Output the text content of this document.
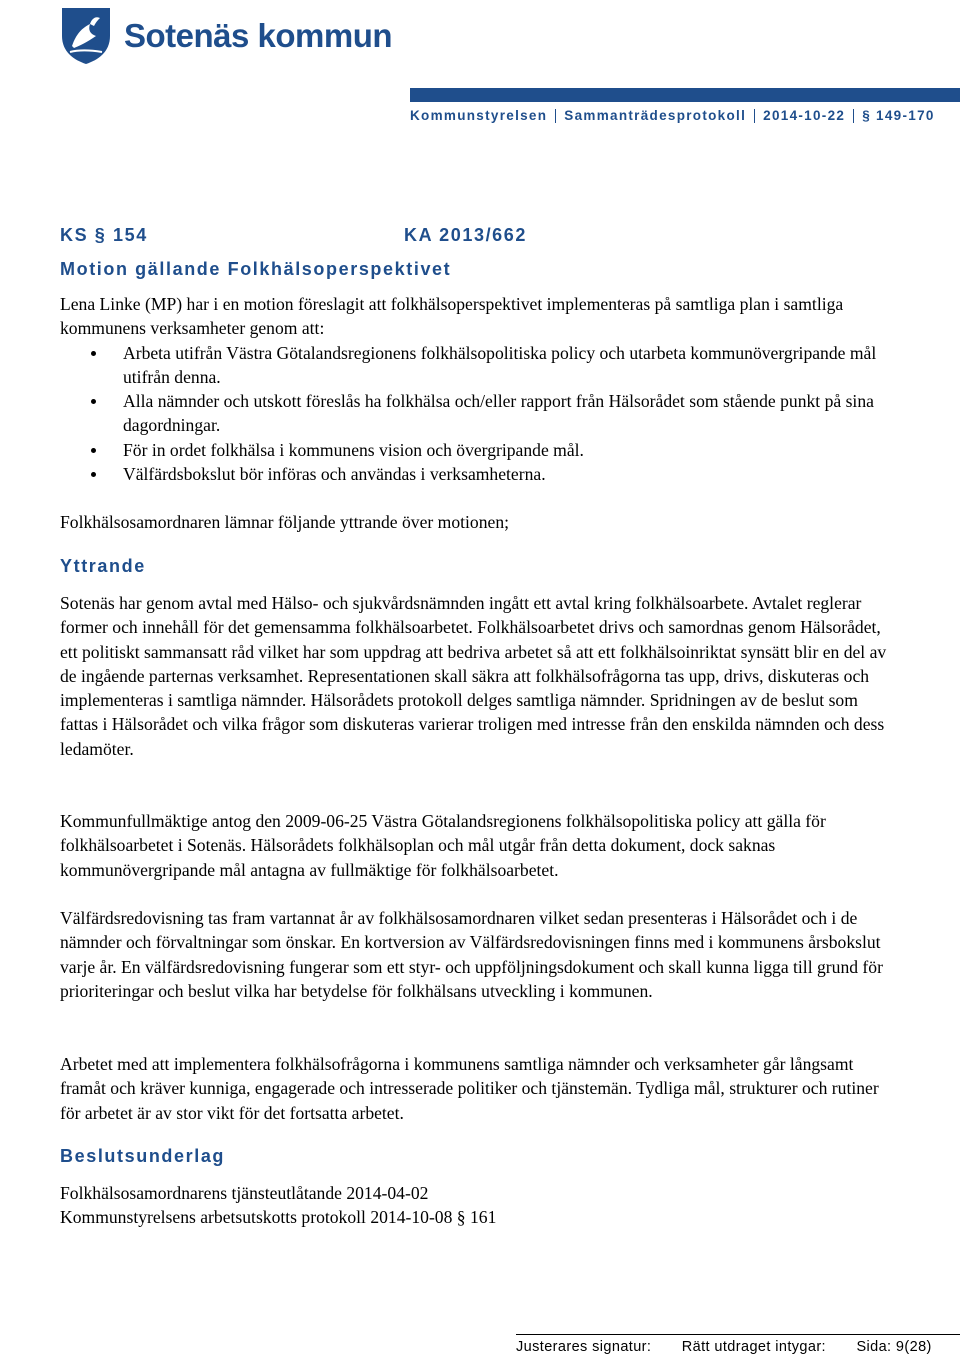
Sotenäs kommun
Kommunstyrelsen Sammanträdesprotokoll 2014-10-22 § 149-170
KS § 154	KA 2013/662
Motion gällande Folkhälsoperspektivet

Lena Linke (MP) har i en motion föreslagit att folkhälsoperspektivet implementeras på samtliga plan i samtliga kommunens verksamheter genom att:

Arbeta utifrån Västra Götalandsregionens folkhälsopolitiska policy och utarbeta kommunövergripande mål utifrån denna.
Alla nämnder och utskott föreslås ha folkhälsa och/eller rapport från Hälsorådet som stående punkt på sina dagordningar.
För in ordet folkhälsa i kommunens vision och övergripande mål.
Välfärdsbokslut bör införas och användas i verksamheterna.
Folkhälsosamordnaren lämnar följande yttrande över motionen;
Yttrande
Sotenäs har genom avtal med Hälso- och sjukvårdsnämnden ingått ett avtal kring folkhälsoarbete. Avtalet reglerar former och innehåll för det gemensamma folkhälsoarbetet. Folkhälsoarbetet drivs och samordnas genom Hälsorådet, ett politiskt sammansatt råd vilket har som uppdrag att bedriva arbetet så att ett folkhälsoinriktat synsätt blir en del av de ingående parternas verksamhet. Representationen skall säkra att folkhälsofrågorna tas upp, drivs, diskuteras och implementeras i samtliga nämnder. Hälsorådets protokoll delges samtliga nämnder. Spridningen av de beslut som fattas i Hälsorådet och vilka frågor som diskuteras varierar troligen med intresse från den enskilda nämnden och dess ledamöter.
Kommunfullmäktige antog den 2009-06-25 Västra Götalandsregionens folkhälsopolitiska policy att gälla för folkhälsoarbetet i Sotenäs. Hälsorådets folkhälsoplan och mål utgår från detta dokument, dock saknas kommunövergripande mål antagna av fullmäktige för folkhälsoarbetet.
Välfärdsredovisning tas fram vartannat år av folkhälsosamordnaren vilket sedan presenteras i Hälsorådet och i de nämnder och förvaltningar som önskar. En kortversion av Välfärdsredovisningen finns med i kommunens årsbokslut varje år. En välfärdsredovisning fungerar som ett styr- och uppföljningsdokument och skall kunna ligga till grund för prioriteringar och beslut vilka har betydelse för folkhälsans utveckling i kommunen.
Arbetet med att implementera folkhälsofrågorna i kommunens samtliga nämnder och verksamheter går långsamt framåt och kräver kunniga, engagerade och intresserade politiker och tjänstemän. Tydliga mål, strukturer och rutiner för arbetet är av stor vikt för det fortsatta arbetet.
Beslutsunderlag

Folkhälsosamordnarens tjänsteutlåtande 2014-04-02

Kommunstyrelsens arbetsutskotts protokoll 2014-10-08 § 161

Justerares signatur: Rätt utdraget intygar: Sida: 9(28)
